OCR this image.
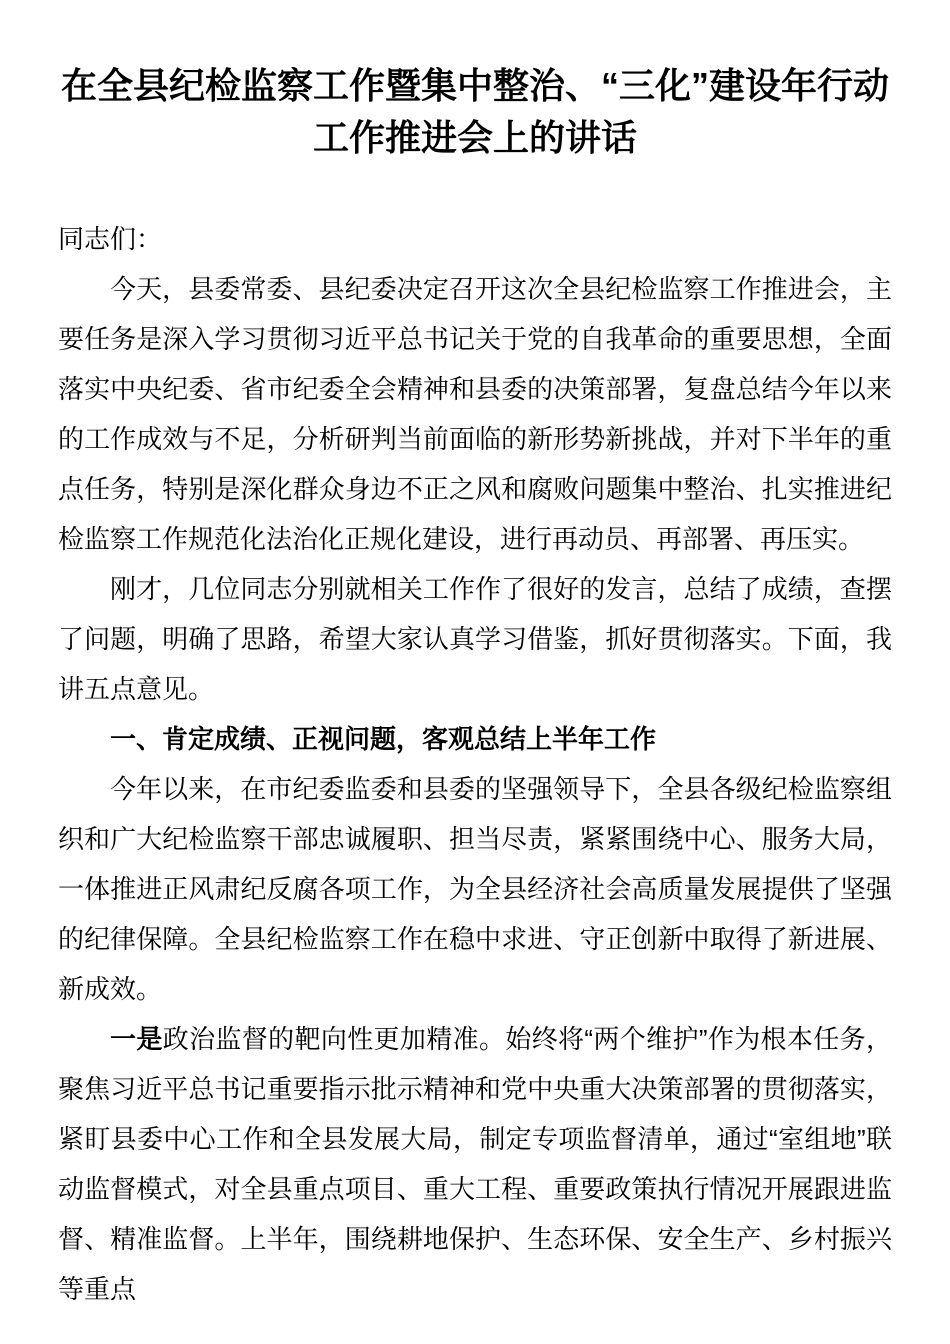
在全县纪检监察工作暨集中整治、“三化”建设年行动工作推进会上的讲话

同志们：

今天，县委常委、县纪委决定召开这次全县纪检监察工作推进会，主要任务是深入学习贯彻习近平总书记关于党的自我革命的重要思想，全面落实中央纪委、省市纪委全会精神和县委的决策部署，复盘总结今年以来的工作成效与不足，分析研判当前面临的新形势新挑战，并对下半年的重点任务，特别是深化群众身边不正之风和腐败问题集中整治、扎实推进纪检监察工作规范化法治化正规化建设，进行再动员、再部署、再压实。

刚才，几位同志分别就相关工作作了很好的发言，总结了成绩，查摆了问题，明确了思路，希望大家认真学习借鉴，抓好贯彻落实。下面，我讲五点意见。

一、肯定成绩、正视问题，客观总结上半年工作

今年以来，在市纪委监委和县委的坚强领导下，全县各级纪检监察组织和广大纪检监察干部忠诚履职、担当尽责，紧紧围绕中心、服务大局，一体推进正风肃纪反腐各项工作，为全县经济社会高质量发展提供了坚强的纪律保障。全县纪检监察工作在稳中求进、守正创新中取得了新进展、新成效。

一是政治监督的靶向性更加精准。始终将“两个维护”作为根本任务，聚焦习近平总书记重要指示批示精神和党中央重大决策部署的贯彻落实，紧盯县委中心工作和全县发展大局，制定专项监督清单，通过“室组地”联动监督模式，对全县重点项目、重大工程、重要政策执行情况开展跟进监督、精准监督。上半年，围绕耕地保护、生态环保、安全生产、乡村振兴等重点
